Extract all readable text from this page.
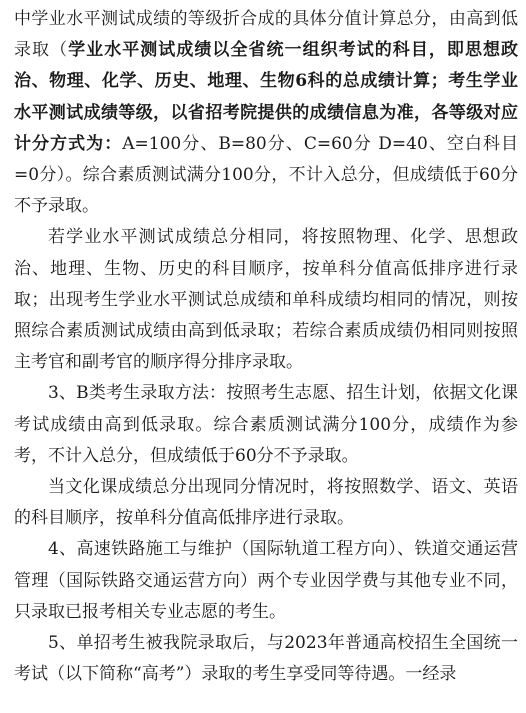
中学业水平测试成绩的等级折合成的具体分值计算总分，由高到低录取（学业水平测试成绩以全省统一组织考试的科目，即思想政治、物理、化学、历史、地理、生物6科的总成绩计算；考生学业水平测试成绩等级，以省招考院提供的成绩信息为准，各等级对应计分方式为：A=100分、B=80分、C=60分 D=40、空白科目=0分）。综合素质测试满分100分，不计入总分，但成绩低于60分不予录取。
若学业水平测试成绩总分相同，将按照物理、化学、思想政治、地理、生物、历史的科目顺序，按单科分值高低排序进行录取；出现考生学业水平测试总成绩和单科成绩均相同的情况，则按照综合素质测试成绩由高到低录取；若综合素质成绩仍相同则按照主考官和副考官的顺序得分排序录取。
3、B类考生录取方法：按照考生志愿、招生计划，依据文化课考试成绩由高到低录取。综合素质测试满分100分，成绩作为参考，不计入总分，但成绩低于60分不予录取。
当文化课成绩总分出现同分情况时，将按照数学、语文、英语的科目顺序，按单科分值高低排序进行录取。
4、高速铁路施工与维护（国际轨道工程方向）、铁道交通运营管理（国际铁路交通运营方向）两个专业因学费与其他专业不同，只录取已报考相关专业志愿的考生。
5、单招考生被我院录取后，与2023年普通高校招生全国统一考试（以下简称“高考”）录取的考生享受同等待遇。一经录
